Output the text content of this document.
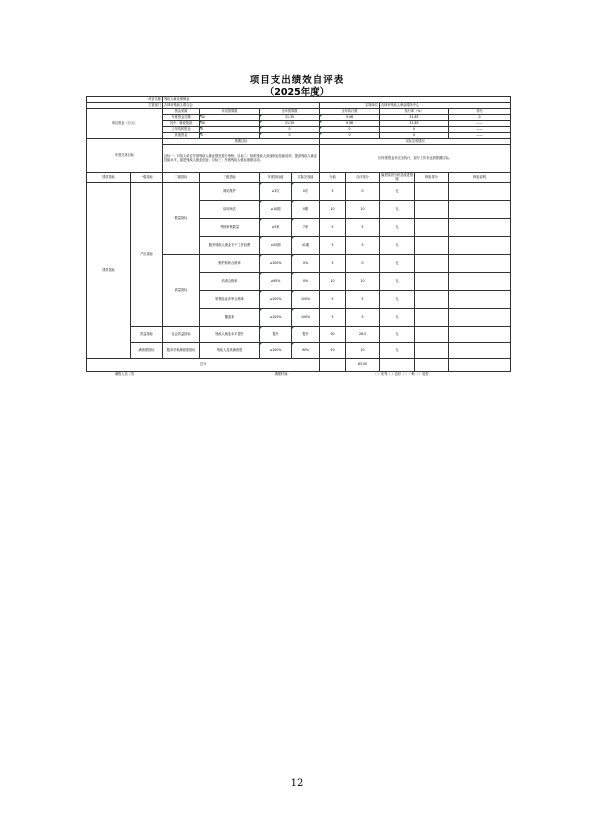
项目支出绩效自评表
（2025年度）
项目名称		残疾人就业保障金								
主管部门		吉林市残疾人联合会				实施单位		吉林市残疾人就业服务中心		
项目资金（万元）		资金来源	年初预算数	全年预算数		全年执行数		执行率（%）		得分
		年度资金总额	40	31.35		9.98		31.83		0
		其中：财政拨款	40	31.35		9.98		31.83		——
		上年结转资金	0	0		0		0		——
		其他资金	0	0		0		0		——
年度总体目标		预期目标				实际完成情况				
		目标一：对用人单位安排残疾人就业情况进行审核；目标二：组织残疾人参加职业技能培训，提高残疾人就业技能水平，促进残疾人就业创业；目标三：开展残疾人就业援助活动。				因年度资金未完全执行，部分工作未达到预期目标。				
绩效指标	一级指标	二级指标	三级指标	年度指标值	实际完成值	分值	自评得分	偏差原因分析及改进措施	核验得分	核验说明
绩效指标	产出指标	数量指标	网站维护	≥3次	0次	5	0	无		
			培训场次	≥10期	0期	10	10	无		
			考核审核数量	≥5家	7家	5	5	无		
			服务残疾人就业专干工作经费	≥20期	41期	5	5	无		
		质量指标	维护验收合格率	≥100%	0%	5	0	无		
			培训合格率	≥95%	0%	10	10	无		
			审核验证评审合格率	≥100%	100%	5	5	无		
			覆盖率	≥100%	100%	5	5	无		
	效益指标	社会效益指标	残疾人就业水平提升	提升	提升	30	28.5	无		
	满意度指标	服务对象满意度指标	残疾人及其满意度	≥100%	90%	10	10	无		
总分							83.50			
填报人员（签		填报时间：			（ ）优秀（ ）良好（ ）一般（ ）较差					
12
